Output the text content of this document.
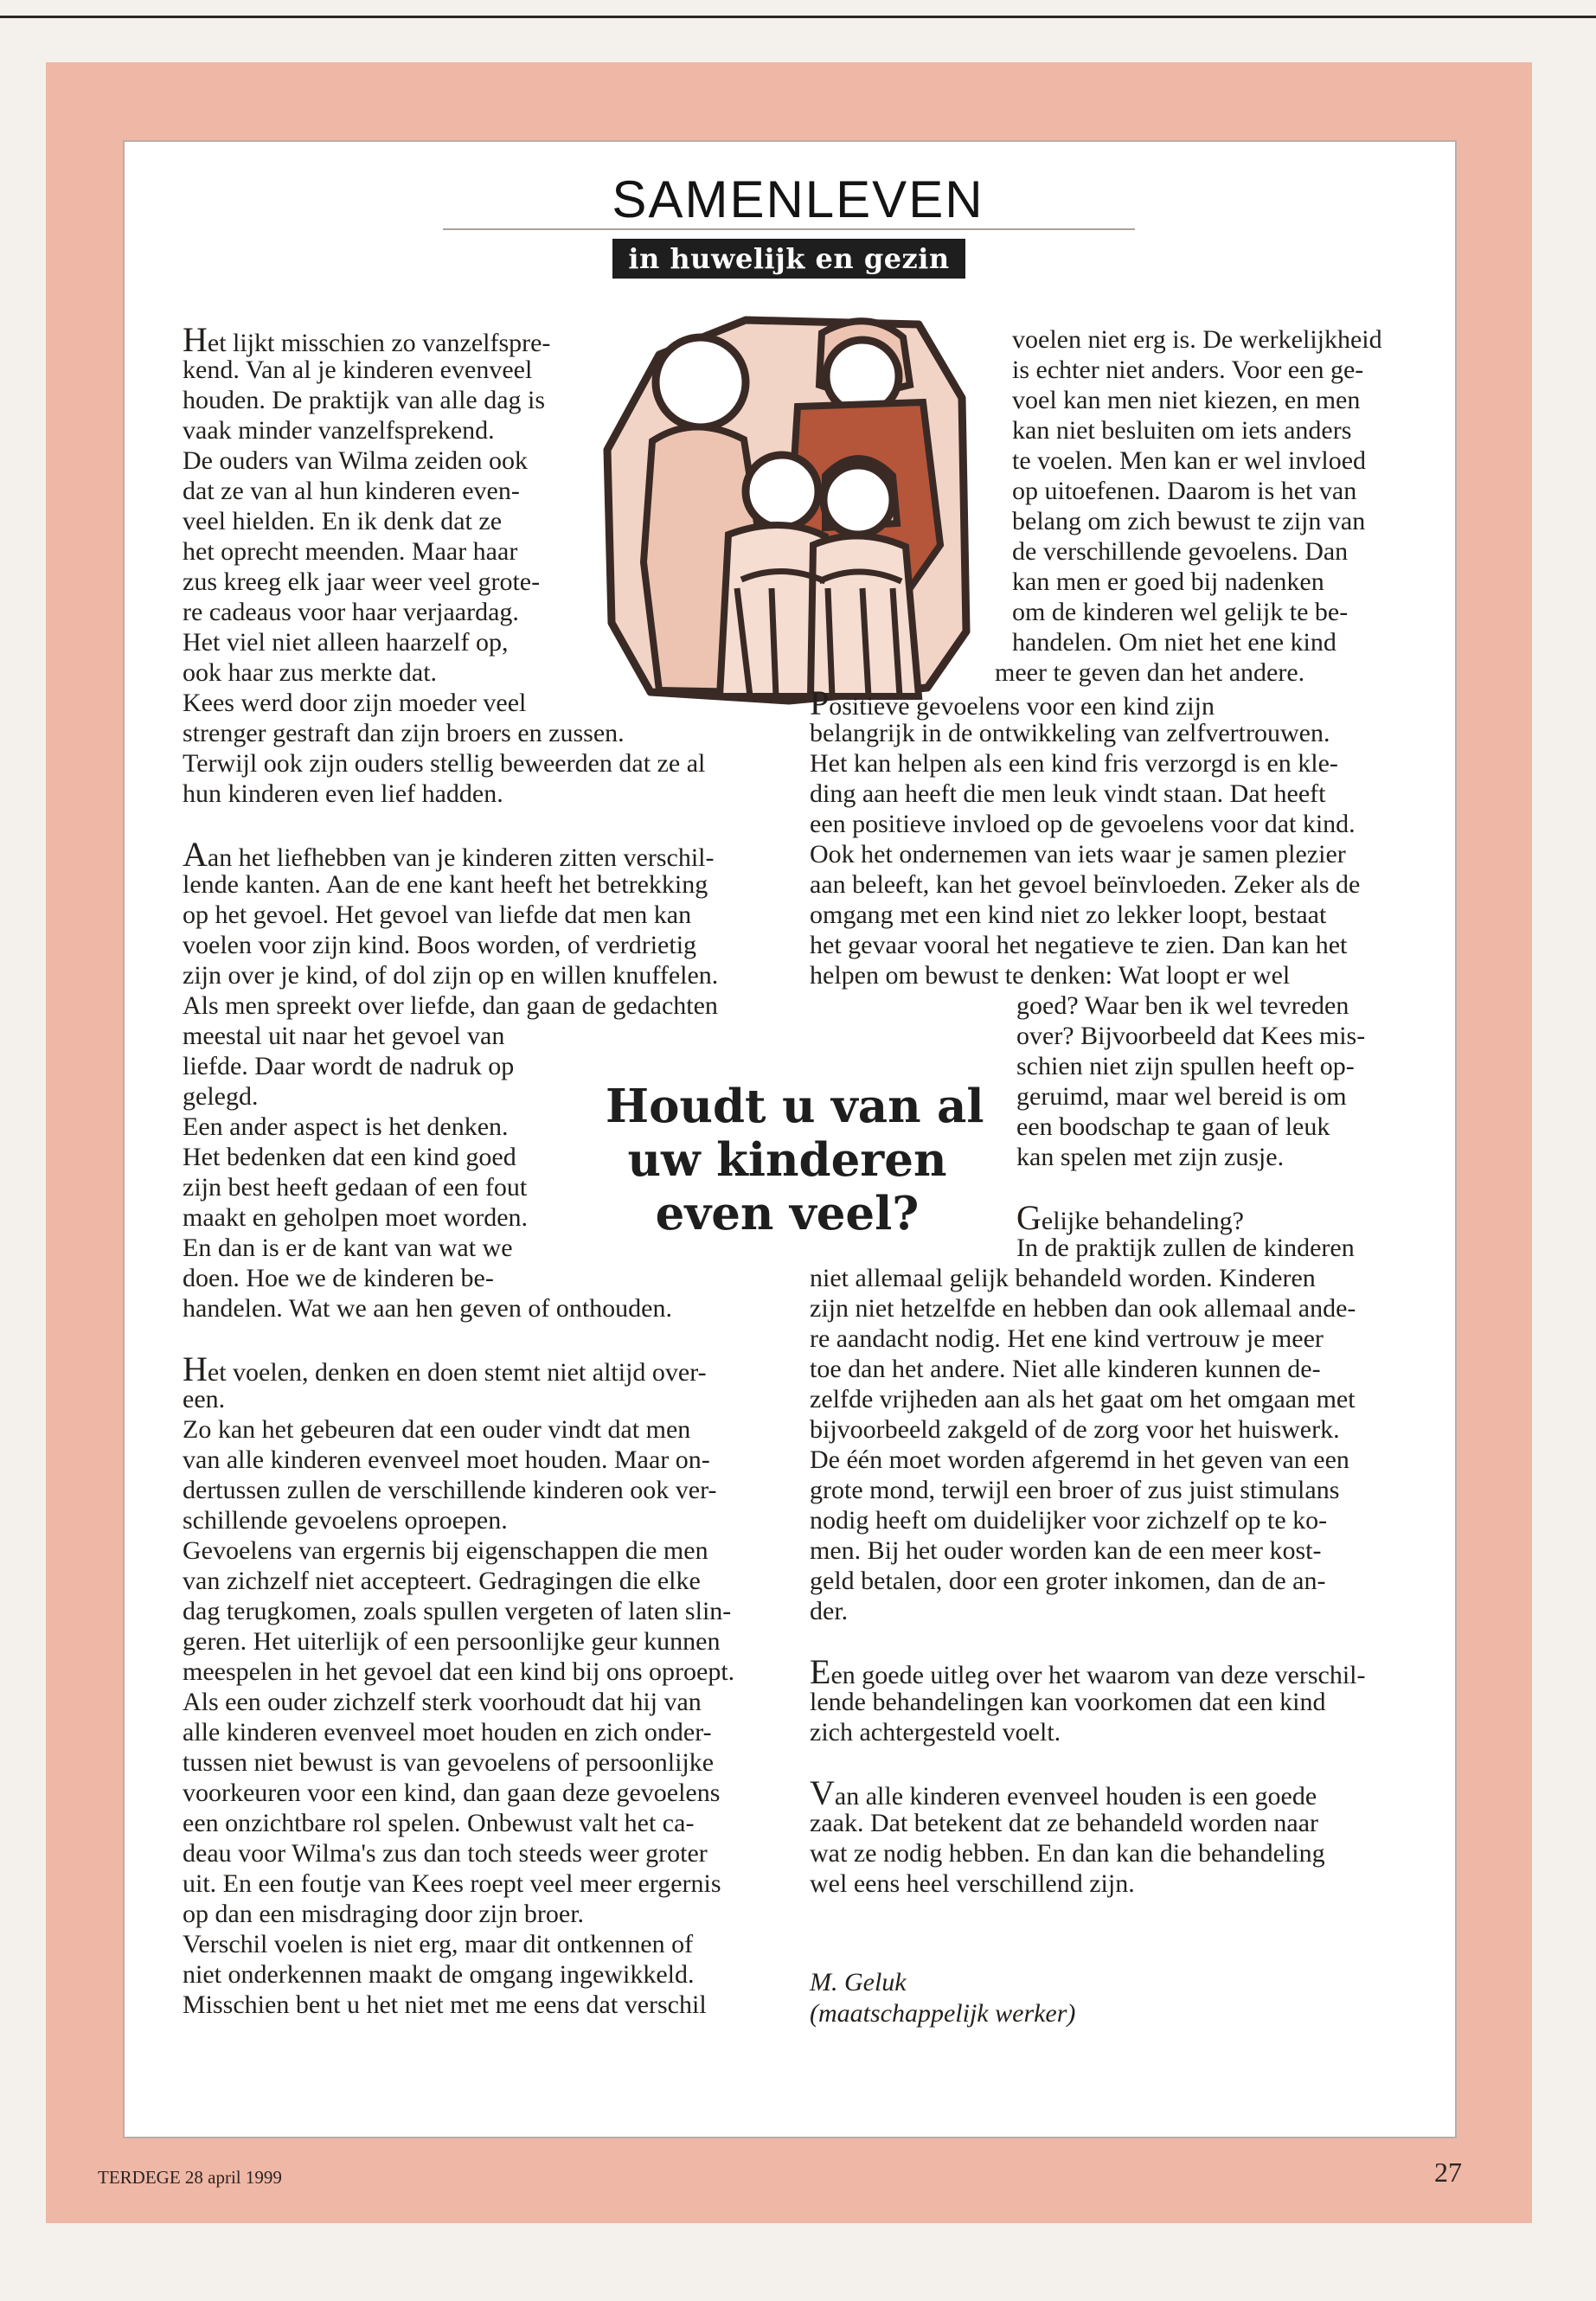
SAMENLEVEN
in huwelijk en gezin
Het lijkt misschien zo vanzelfspre-
kend. Van al je kinderen evenveel
houden. De praktijk van alle dag is
vaak minder vanzelfsprekend.
De ouders van Wilma zeiden ook
dat ze van al hun kinderen even-
veel hielden. En ik denk dat ze
het oprecht meenden. Maar haar
zus kreeg elk jaar weer veel grote-
re cadeaus voor haar verjaardag.
Het viel niet alleen haarzelf op,
ook haar zus merkte dat.
Kees werd door zijn moeder veel
strenger gestraft dan zijn broers en zussen.
Terwijl ook zijn ouders stellig beweerden dat ze al
hun kinderen even lief hadden.
Aan het liefhebben van je kinderen zitten verschil-
lende kanten. Aan de ene kant heeft het betrekking
op het gevoel. Het gevoel van liefde dat men kan
voelen voor zijn kind. Boos worden, of verdrietig
zijn over je kind, of dol zijn op en willen knuffelen.
Als men spreekt over liefde, dan gaan de gedachten
meestal uit naar het gevoel van
liefde. Daar wordt de nadruk op
gelegd.
Een ander aspect is het denken.
Het bedenken dat een kind goed
zijn best heeft gedaan of een fout
maakt en geholpen moet worden.
En dan is er de kant van wat we
doen. Hoe we de kinderen be-
handelen. Wat we aan hen geven of onthouden.
Het voelen, denken en doen stemt niet altijd over-
een.
Zo kan het gebeuren dat een ouder vindt dat men
van alle kinderen evenveel moet houden. Maar on-
dertussen zullen de verschillende kinderen ook ver-
schillende gevoelens oproepen.
Gevoelens van ergernis bij eigenschappen die men
van zichzelf niet accepteert. Gedragingen die elke
dag terugkomen, zoals spullen vergeten of laten slin-
geren. Het uiterlijk of een persoonlijke geur kunnen
meespelen in het gevoel dat een kind bij ons oproept.
Als een ouder zichzelf sterk voorhoudt dat hij van
alle kinderen evenveel moet houden en zich onder-
tussen niet bewust is van gevoelens of persoonlijke
voorkeuren voor een kind, dan gaan deze gevoelens
een onzichtbare rol spelen. Onbewust valt het ca-
deau voor Wilma's zus dan toch steeds weer groter
uit. En een foutje van Kees roept veel meer ergernis
op dan een misdraging door zijn broer.
Verschil voelen is niet erg, maar dit ontkennen of
niet onderkennen maakt de omgang ingewikkeld.
Misschien bent u het niet met me eens dat verschil
voelen niet erg is. De werkelijkheid
is echter niet anders. Voor een ge-
voel kan men niet kiezen, en men
kan niet besluiten om iets anders
te voelen. Men kan er wel invloed
op uitoefenen. Daarom is het van
belang om zich bewust te zijn van
de verschillende gevoelens. Dan
kan men er goed bij nadenken
om de kinderen wel gelijk te be-
handelen. Om niet het ene kind
meer te geven dan het andere.
Positieve gevoelens voor een kind zijn
belangrijk in de ontwikkeling van zelfvertrouwen.
Het kan helpen als een kind fris verzorgd is en kle-
ding aan heeft die men leuk vindt staan. Dat heeft
een positieve invloed op de gevoelens voor dat kind.
Ook het ondernemen van iets waar je samen plezier
aan beleeft, kan het gevoel beïnvloeden. Zeker als de
omgang met een kind niet zo lekker loopt, bestaat
het gevaar vooral het negatieve te zien. Dan kan het
helpen om bewust te denken: Wat loopt er wel
goed? Waar ben ik wel tevreden
over? Bijvoorbeeld dat Kees mis-
schien niet zijn spullen heeft op-
geruimd, maar wel bereid is om
een boodschap te gaan of leuk
kan spelen met zijn zusje.
Gelijke behandeling?
In de praktijk zullen de kinderen
niet allemaal gelijk behandeld worden. Kinderen
zijn niet hetzelfde en hebben dan ook allemaal ande-
re aandacht nodig. Het ene kind vertrouw je meer
toe dan het andere. Niet alle kinderen kunnen de-
zelfde vrijheden aan als het gaat om het omgaan met
bijvoorbeeld zakgeld of de zorg voor het huiswerk.
De één moet worden afgeremd in het geven van een
grote mond, terwijl een broer of zus juist stimulans
nodig heeft om duidelijker voor zichzelf op te ko-
men. Bij het ouder worden kan de een meer kost-
geld betalen, door een groter inkomen, dan de an-
der.
Een goede uitleg over het waarom van deze verschil-
lende behandelingen kan voorkomen dat een kind
zich achtergesteld voelt.
Van alle kinderen evenveel houden is een goede
zaak. Dat betekent dat ze behandeld worden naar
wat ze nodig hebben. En dan kan die behandeling
wel eens heel verschillend zijn.
Houdt u van al
uw kinderen
even veel?
M. Geluk
(maatschappelijk werker)
TERDEGE 28 april 1999	27
